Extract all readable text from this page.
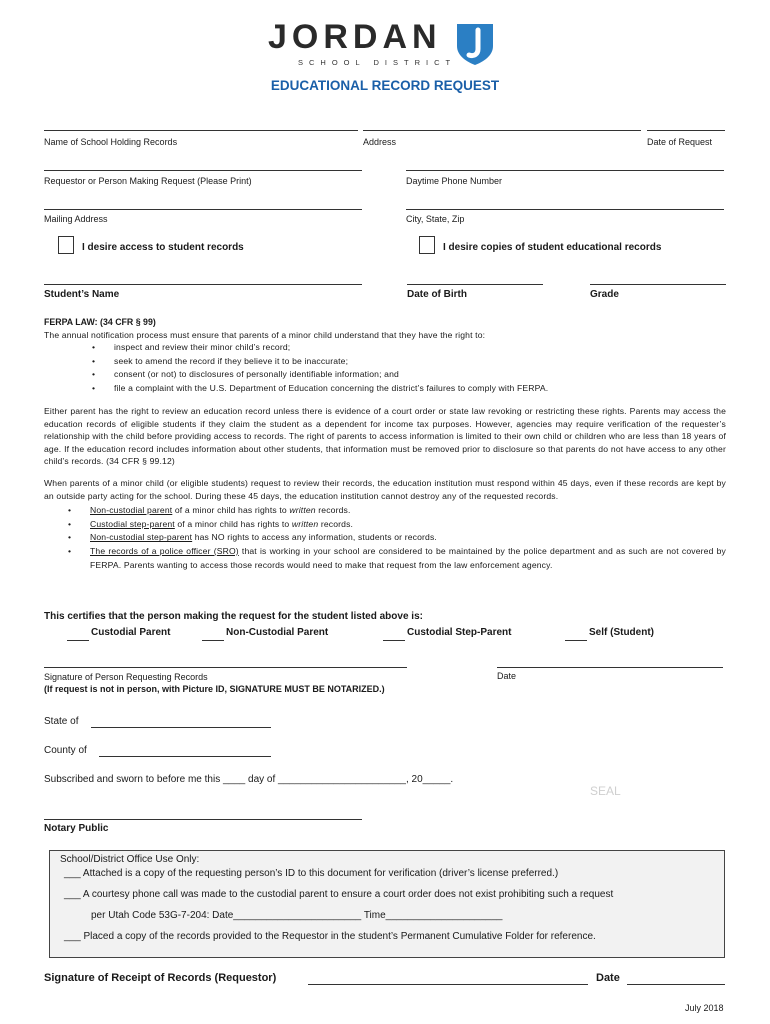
JORDAN
SCHOOL DISTRICT
EDUCATIONAL RECORD REQUEST
Name of School Holding Records	Address	Date of Request
Requestor or Person Making Request (Please Print)	Daytime Phone Number
Mailing Address	City, State, Zip
I desire access to student records	I desire copies of student educational records
Student’s Name	Date of Birth	Grade
FERPA LAW: (34 CFR § 99)
The annual notification process must ensure that parents of a minor child understand that they have the right to:
• inspect and review their minor child’s record;
• seek to amend the record if they believe it to be inaccurate;
• consent (or not) to disclosures of personally identifiable information; and
• file a complaint with the U.S. Department of Education concerning the district’s failures to comply with FERPA.
Either parent has the right to review an education record unless there is evidence of a court order or state law revoking or restricting these rights. Parents may access the education records of eligible students if they claim the student as a dependent for income tax purposes. However, agencies may require verification of the requester’s relationship with the child before providing access to records. The right of parents to access information is limited to their own child or children who are less than 18 years of age. If the education record includes information about other students, that information must be removed prior to disclosure so that parents do not have access to any other child’s records. (34 CFR § 99.12)
When parents of a minor child (or eligible students) request to review their records, the education institution must respond within 45 days, even if these records are kept by an outside party acting for the school. During these 45 days, the education institution cannot destroy any of the requested records.
• Non-custodial parent of a minor child has rights to written records.
• Custodial step-parent of a minor child has rights to written records.
• Non-custodial step-parent has NO rights to access any information, students or records.
• The records of a police officer (SRO) that is working in your school are considered to be maintained by the police department and as such are not covered by FERPA. Parents wanting to access those records would need to make that request from the law enforcement agency.
This certifies that the person making the request for the student listed above is:
Custodial Parent	Non-Custodial Parent	Custodial Step-Parent	Self (Student)
Signature of Person Requesting Records
(If request is not in person, with Picture ID, SIGNATURE MUST BE NOTARIZED.)
Date
State of
County of
Subscribed and sworn to before me this ____ day of _______________________, 20_____.
SEAL
Notary Public
School/District Office Use Only:
___ Attached is a copy of the requesting person’s ID to this document for verification (driver’s license preferred.)
___ A courtesy phone call was made to the custodial parent to ensure a court order does not exist prohibiting such a request
per Utah Code 53G-7-204: Date_______________________ Time_____________________
___ Placed a copy of the records provided to the Requestor in the student’s Permanent Cumulative Folder for reference.
Signature of Receipt of Records (Requestor)	Date
July 2018
